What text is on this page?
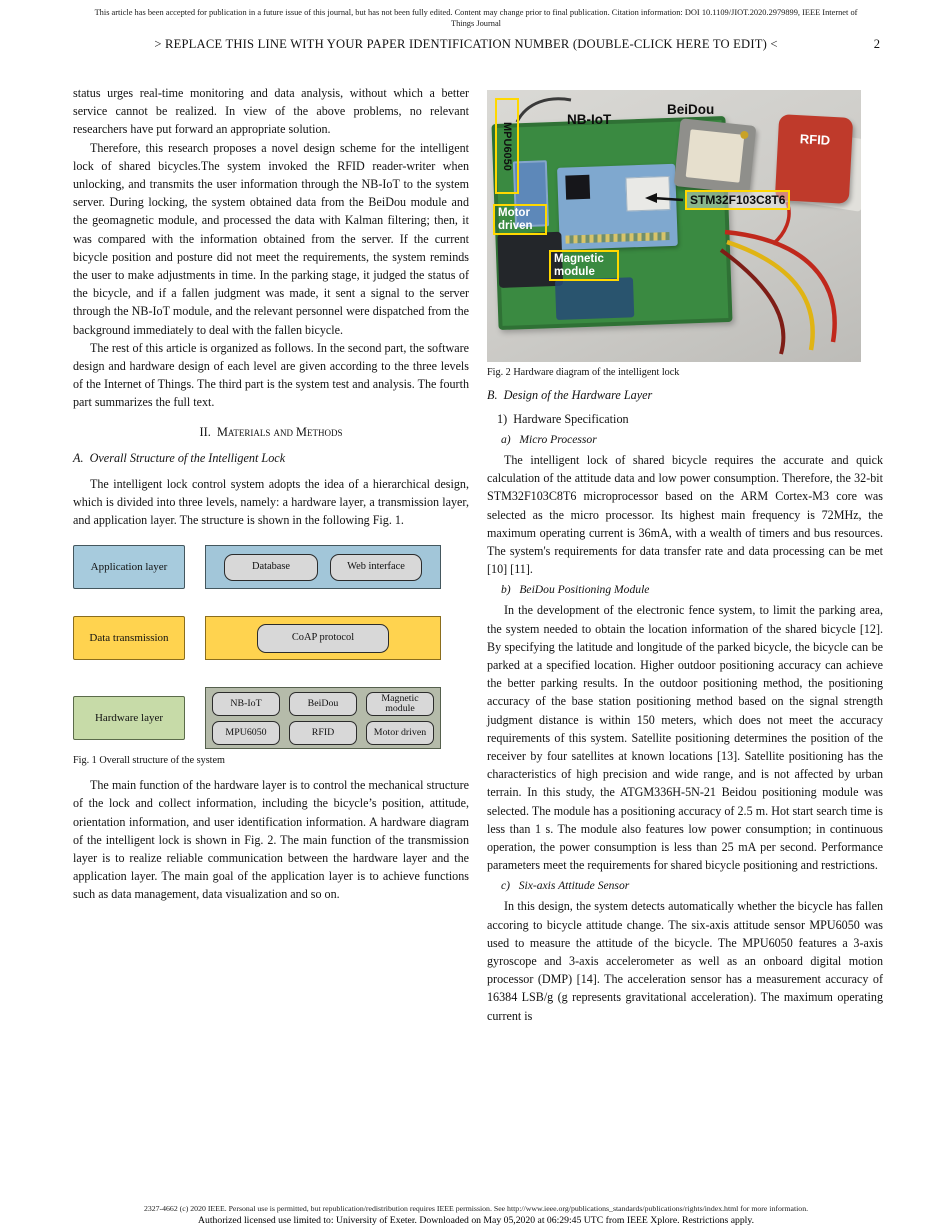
This article has been accepted for publication in a future issue of this journal, but has not been fully edited. Content may change prior to final publication. Citation information: DOI 10.1109/JIOT.2020.2979899, IEEE Internet of
Things Journal
> REPLACE THIS LINE WITH YOUR PAPER IDENTIFICATION NUMBER (DOUBLE-CLICK HERE TO EDIT) <	2

status urges real-time monitoring and data analysis, without which a better service cannot be realized. In view of the above problems, no relevant researchers have put forward an appropriate solution.

Therefore, this research proposes a novel design scheme for the intelligent lock of shared bicycles.The system invoked the RFID reader-writer when unlocking, and transmits the user information through the NB-IoT to the system server. During locking, the system obtained data from the BeiDou module and the geomagnetic module, and processed the data with Kalman filtering; then, it was compared with the information obtained from the server. If the current bicycle position and posture did not meet the requirements, the system reminds the user to make adjustments in time. In the parking stage, it judged the status of the bicycle, and if a fallen judgment was made, it sent a signal to the server through the NB-IoT module, and the relevant personnel were dispatched from the background immediately to deal with the fallen bicycle.

The rest of this article is organized as follows. In the second part, the software design and hardware design of each level are given according to the three levels of the Internet of Things. The third part is the system test and analysis. The fourth part summarizes the full text.

II.  Materials and Methods
A.  Overall Structure of the Intelligent Lock

The intelligent lock control system adopts the idea of a hierarchical design, which is divided into three levels, namely: a hardware layer, a transmission layer, and application layer. The structure is shown in the following Fig. 1.

Application layer	Database	Web interface
Data transmission	CoAP protocol
Hardware layer
NB-IoT	BeiDou	Magnetic module
MPU6050	RFID	Motor driven
Fig. 1 Overall structure of the system

The main function of the hardware layer is to control the mechanical structure of the lock and collect information, including the bicycle’s position, attitude, orientation information, and user identification information. A hardware diagram of the intelligent lock is shown in Fig. 2. The main function of the transmission layer is to realize reliable communication between the hardware layer and the application layer. The main goal of the application layer is to achieve functions such as data management, data visualization and so on.

RFID
MPU6050
NB-IoT
BeiDou
STM32F103C8T6
Motor driven
Magnetic module
Fig. 2 Hardware diagram of the intelligent lock
B.  Design of the Hardware Layer
1)  Hardware Specification
a)   Micro Processor

The intelligent lock of shared bicycle requires the accurate and quick calculation of the attitude data and low power consumption. Therefore, the 32-bit STM32F103C8T6 microprocessor based on the ARM Cortex-M3 core was selected as the micro processor. Its highest main frequency is 72MHz, the maximum operating current is 36mA, with a wealth of timers and bus resources. The system's requirements for data transfer rate and data processing can be met [10] [11].

b)   BeiDou Positioning Module

In the development of the electronic fence system, to limit the parking area, the system needed to obtain the location information of the shared bicycle [12]. By specifying the latitude and longitude of the parked bicycle, the bicycle can be parked at a specified location. Higher outdoor positioning accuracy can achieve the better parking results. In the outdoor positioning method, the positioning accuracy of the base station positioning method based on the signal strength judgment distance is within 150 meters, which does not meet the accuracy requirements of this system. Satellite positioning determines the position of the receiver by four satellites at known locations [13]. Satellite positioning has the characteristics of high precision and wide range, and is not affected by urban terrain. In this study, the ATGM336H-5N-21 Beidou positioning module was selected. The module has a positioning accuracy of 2.5 m. Hot start search time is less than 1 s. The module also features low power consumption; in continuous operation, the power consumption is less than 25 mA per second. Performance parameters meet the requirements for shared bicycle positioning and restrictions.

c)   Six-axis Attitude Sensor

In this design, the system detects automatically whether the bicycle has fallen accoring to bicycle attitude change. The six-axis attitude sensor MPU6050 was used to measure the attitude of the bicycle. The MPU6050 features a 3-axis gyroscope and 3-axis accelerometer as well as an onboard digital motion processor (DMP) [14]. The acceleration sensor has a measurement accuracy of 16384 LSB/g (g represents gravitational acceleration). The maximum operating current is

2327-4662 (c) 2020 IEEE. Personal use is permitted, but republication/redistribution requires IEEE permission. See http://www.ieee.org/publications_standards/publications/rights/index.html for more information.
Authorized licensed use limited to: University of Exeter. Downloaded on May 05,2020 at 06:29:45 UTC from IEEE Xplore. Restrictions apply.
